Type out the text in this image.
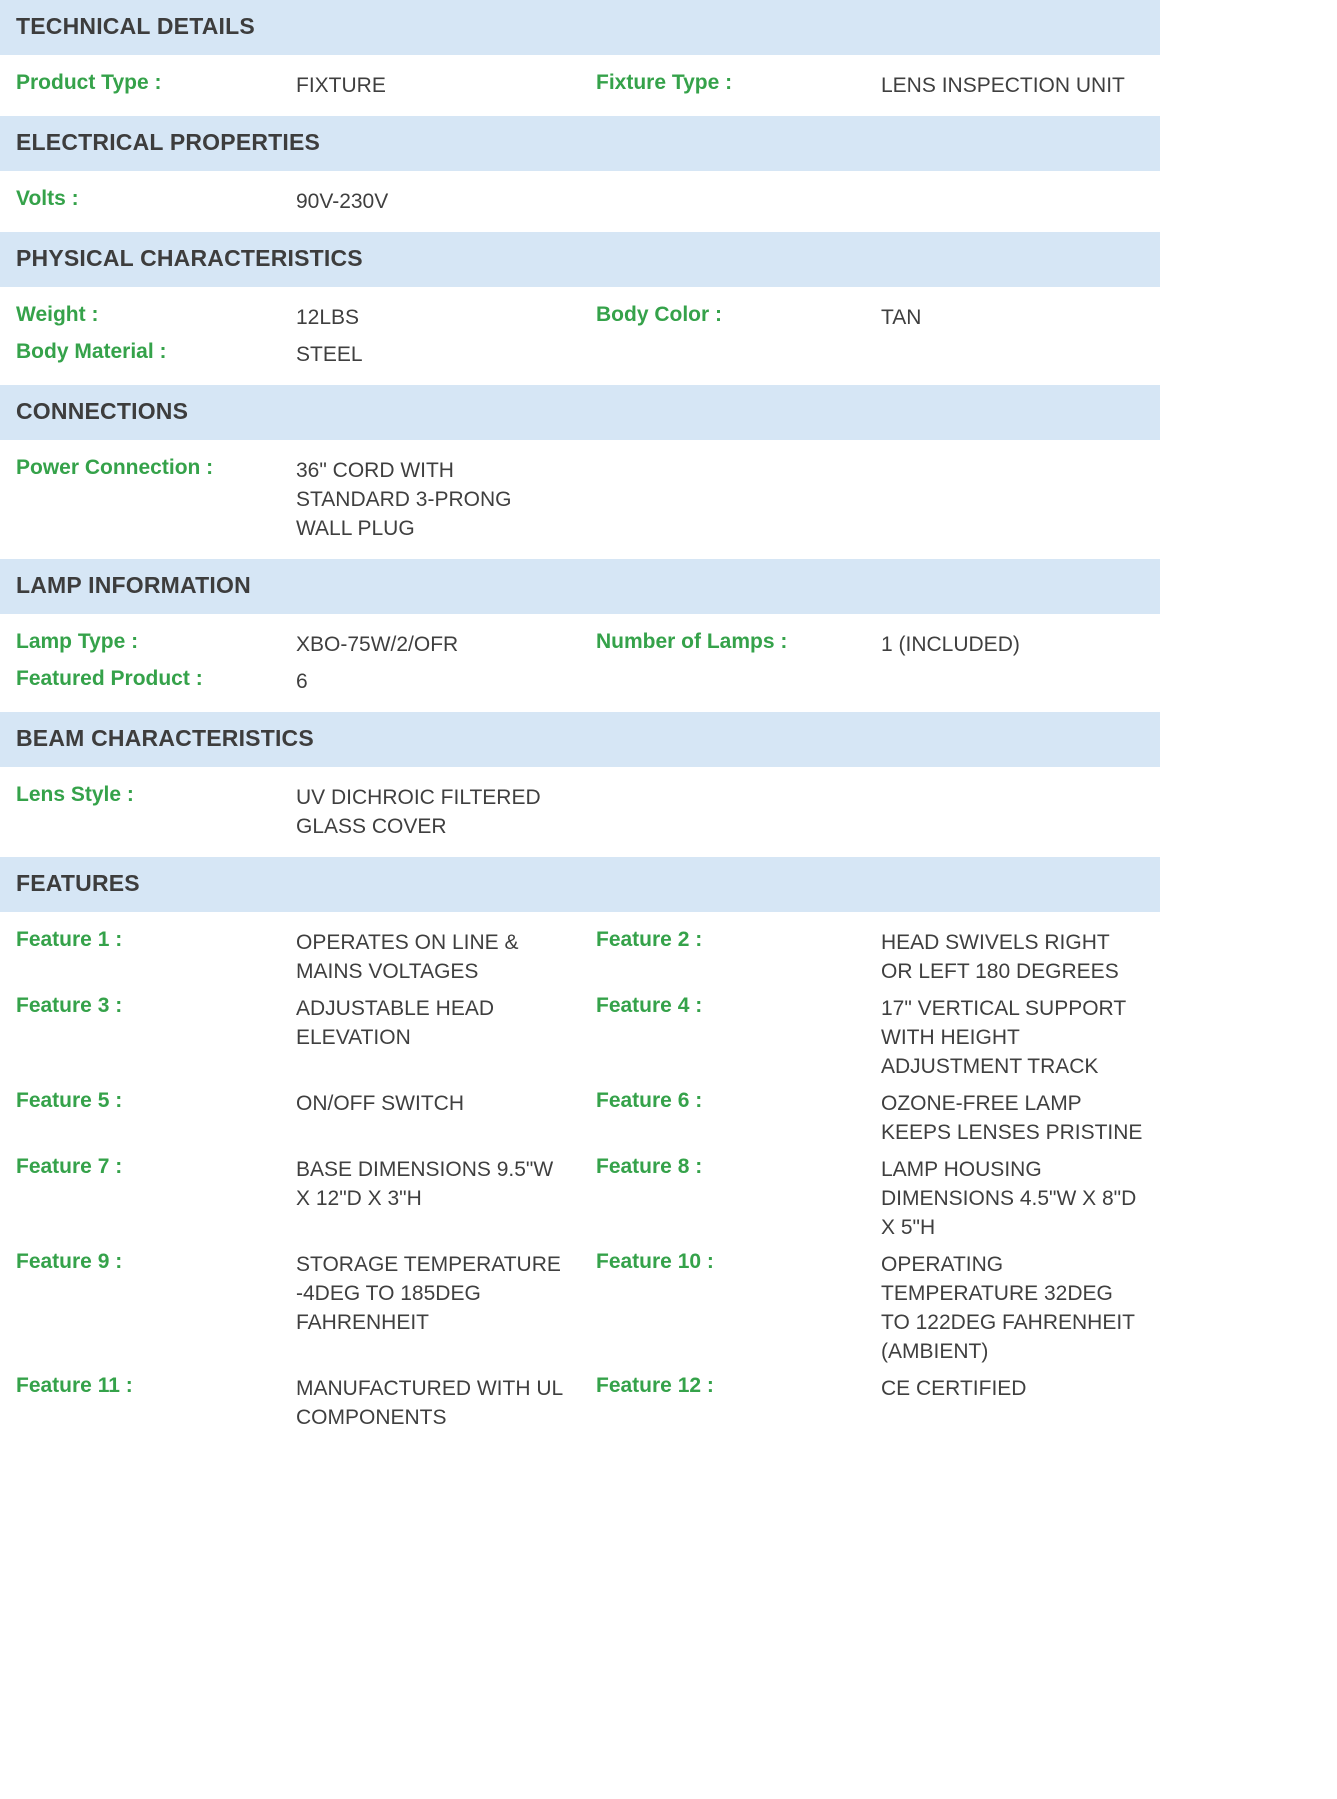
TECHNICAL DETAILS			
Product Type :	FIXTURE	Fixture Type :	LENS INSPECTION UNIT
ELECTRICAL PROPERTIES			
Volts :	90V-230V		
PHYSICAL CHARACTERISTICS			
Weight :	12LBS	Body Color :	TAN
Body Material :	STEEL		
CONNECTIONS			
Power Connection :	36" CORD WITH STANDARD 3-PRONG WALL PLUG		
LAMP INFORMATION			
Lamp Type :	XBO-75W/2/OFR	Number of Lamps :	1 (INCLUDED)
Featured Product :	6		
BEAM CHARACTERISTICS			
Lens Style :	UV DICHROIC FILTERED GLASS COVER		
FEATURES			
Feature 1 :	OPERATES ON LINE & MAINS VOLTAGES	Feature 2 :	HEAD SWIVELS RIGHT OR LEFT 180 DEGREES
Feature 3 :	ADJUSTABLE HEAD ELEVATION	Feature 4 :	17" VERTICAL SUPPORT WITH HEIGHT ADJUSTMENT TRACK
Feature 5 :	ON/OFF SWITCH	Feature 6 :	OZONE-FREE LAMP KEEPS LENSES PRISTINE
Feature 7 :	BASE DIMENSIONS 9.5"W X 12"D X 3"H	Feature 8 :	LAMP HOUSING DIMENSIONS 4.5"W X 8"D X 5"H
Feature 9 :	STORAGE TEMPERATURE -4DEG TO 185DEG FAHRENHEIT	Feature 10 :	OPERATING TEMPERATURE 32DEG TO 122DEG FAHRENHEIT (AMBIENT)
Feature 11 :	MANUFACTURED WITH UL COMPONENTS	Feature 12 :	CE CERTIFIED
